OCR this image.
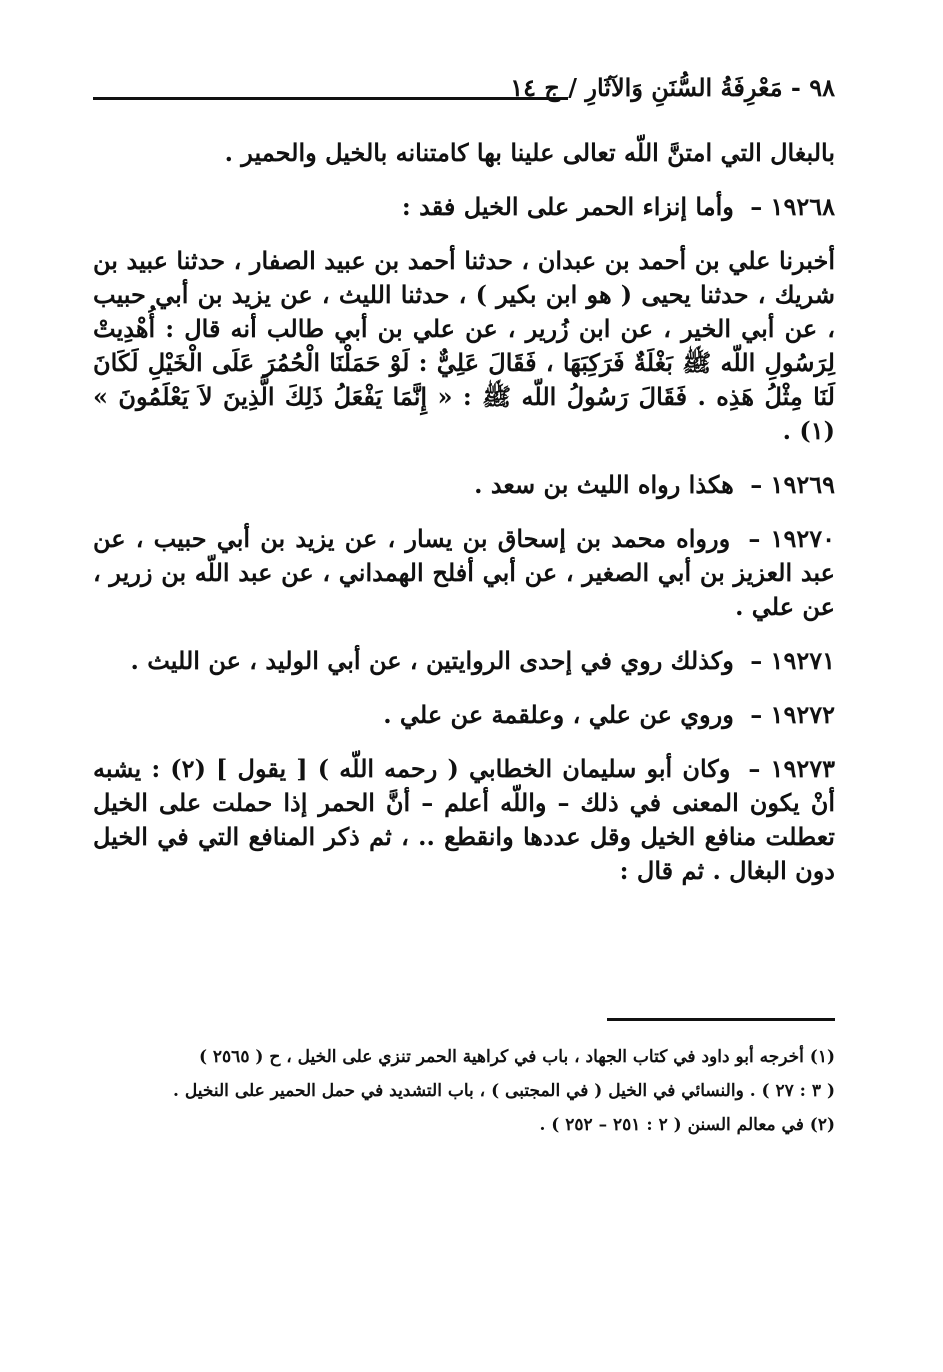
٩٨ - مَعْرِفَةُ السُّنَنِ وَالآثَارِ / ج ١٤

بالبغال التي امتنَّ اللّه تعالى علينا بها كامتنانه بالخيل والحمير .

١٩٢٦٨ – وأما إنزاء الحمر على الخيل فقد :

أخبرنا علي بن أحمد بن عبدان ، حدثنا أحمد بن عبيد الصفار ، حدثنا عبيد بن شريك ، حدثنا يحيى ( هو ابن بكير ) ، حدثنا الليث ، عن يزيد بن أبي حبيب ، عن أبي الخير ، عن ابن زُرير ، عن علي بن أبي طالب أنه قال : أُهْدِيتْ لِرَسُولِ اللّه ﷺ بَغْلَةٌ فَرَكِبَهَا ، فَقَالَ عَلِيٌّ : لَوْ حَمَلْنَا الْحُمُرَ عَلَى الْخَيْلِ لَكَانَ لَنَا مِثْلُ هَذِه . فَقَالَ رَسُولُ اللّه ﷺ : « إِنَّمَا يَفْعَلُ ذَلِكَ الَّذِينَ لاَ يَعْلَمُونَ » (١) .

١٩٢٦٩ – هكذا رواه الليث بن سعد .

١٩٢٧٠ – ورواه محمد بن إسحاق بن يسار ، عن يزيد بن أبي حبيب ، عن عبد العزيز بن أبي الصغير ، عن أبي أفلح الهمداني ، عن عبد اللّه بن زرير ، عن علي .

١٩٢٧١ – وكذلك روي في إحدى الروايتين ، عن أبي الوليد ، عن الليث .

١٩٢٧٢ – وروي عن علي ، وعلقمة عن علي .

١٩٢٧٣ – وكان أبو سليمان الخطابي ( رحمه اللّه ) [ يقول ] (٢) : يشبه أنْ يكون المعنى في ذلك – واللّه أعلم – أنَّ الحمر إذا حملت على الخيل تعطلت منافع الخيل وقل عددها وانقطع .. ، ثم ذكر المنافع التي في الخيل دون البغال . ثم قال :

(١) أخرجه أبو داود في كتاب الجهاد ، باب في كراهية الحمر تنزي على الخيل ، ح ( ٢٥٦٥ )

( ٣ : ٢٧ ) . والنسائي في الخيل ( في المجتبى ) ، باب التشديد في حمل الحمير على النخيل .

(٢) في معالم السنن ( ٢ : ٢٥١ – ٢٥٢ ) .
